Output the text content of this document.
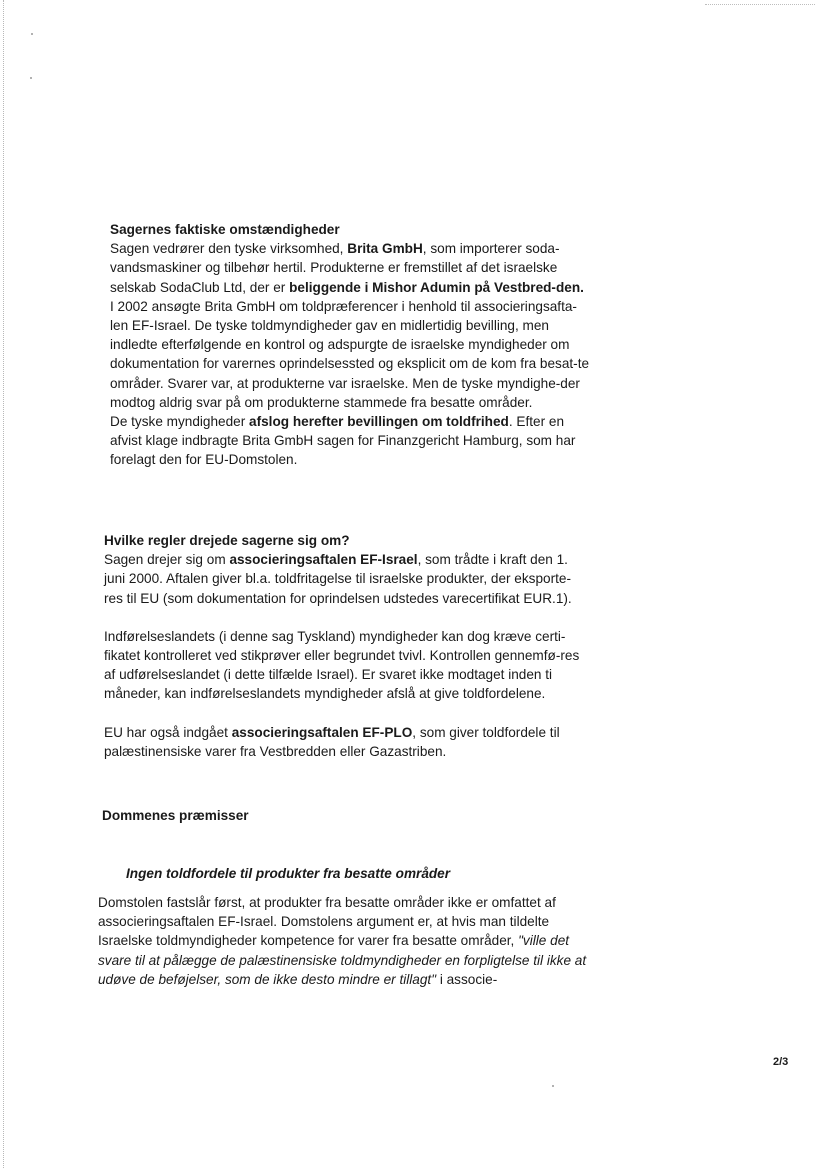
Sagernes faktiske omstændigheder

Sagen vedrører den tyske virksomhed, Brita GmbH, som importerer soda-vandsmaskiner og tilbehør hertil. Produkterne er fremstillet af det israelske selskab SodaClub Ltd, der er beliggende i Mishor Adumin på Vestbred-den.

I 2002 ansøgte Brita GmbH om toldpræferencer i henhold til associeringsafta-len EF-Israel. De tyske toldmyndigheder gav en midlertidig bevilling, men indledte efterfølgende en kontrol og adspurgte de israelske myndigheder om dokumentation for varernes oprindelsessted og eksplicit om de kom fra besat-te områder. Svarer var, at produkterne var israelske. Men de tyske myndighe-der modtog aldrig svar på om produkterne stammede fra besatte områder.

De tyske myndigheder afslog herefter bevillingen om toldfrihed. Efter en afvist klage indbragte Brita GmbH sagen for Finanzgericht Hamburg, som har forelagt den for EU-Domstolen.

Hvilke regler drejede sagerne sig om?

Sagen drejer sig om associeringsaftalen EF-Israel, som trådte i kraft den 1. juni 2000. Aftalen giver bl.a. toldfritagelse til israelske produkter, der eksporte-res til EU (som dokumentation for oprindelsen udstedes varecertifikat EUR.1).

Indførelseslandets (i denne sag Tyskland) myndigheder kan dog kræve certi-fikatet kontrolleret ved stikprøver eller begrundet tvivl. Kontrollen gennemfø-res af udførelseslandet (i dette tilfælde Israel). Er svaret ikke modtaget inden ti måneder, kan indførelseslandets myndigheder afslå at give toldfordelene.

EU har også indgået associeringsaftalen EF-PLO, som giver toldfordele til palæstinensiske varer fra Vestbredden eller Gazastriben.

Dommenes præmisser

Ingen toldfordele til produkter fra besatte områder

Domstolen fastslår først, at produkter fra besatte områder ikke er omfattet af associeringsaftalen EF-Israel. Domstolens argument er, at hvis man tildelte Israelske toldmyndigheder kompetence for varer fra besatte områder, "ville det svare til at pålægge de palæstinensiske toldmyndigheder en forpligtelse til ikke at udøve de beføjelser, som de ikke desto mindre er tillagt" i associe-

2/3
